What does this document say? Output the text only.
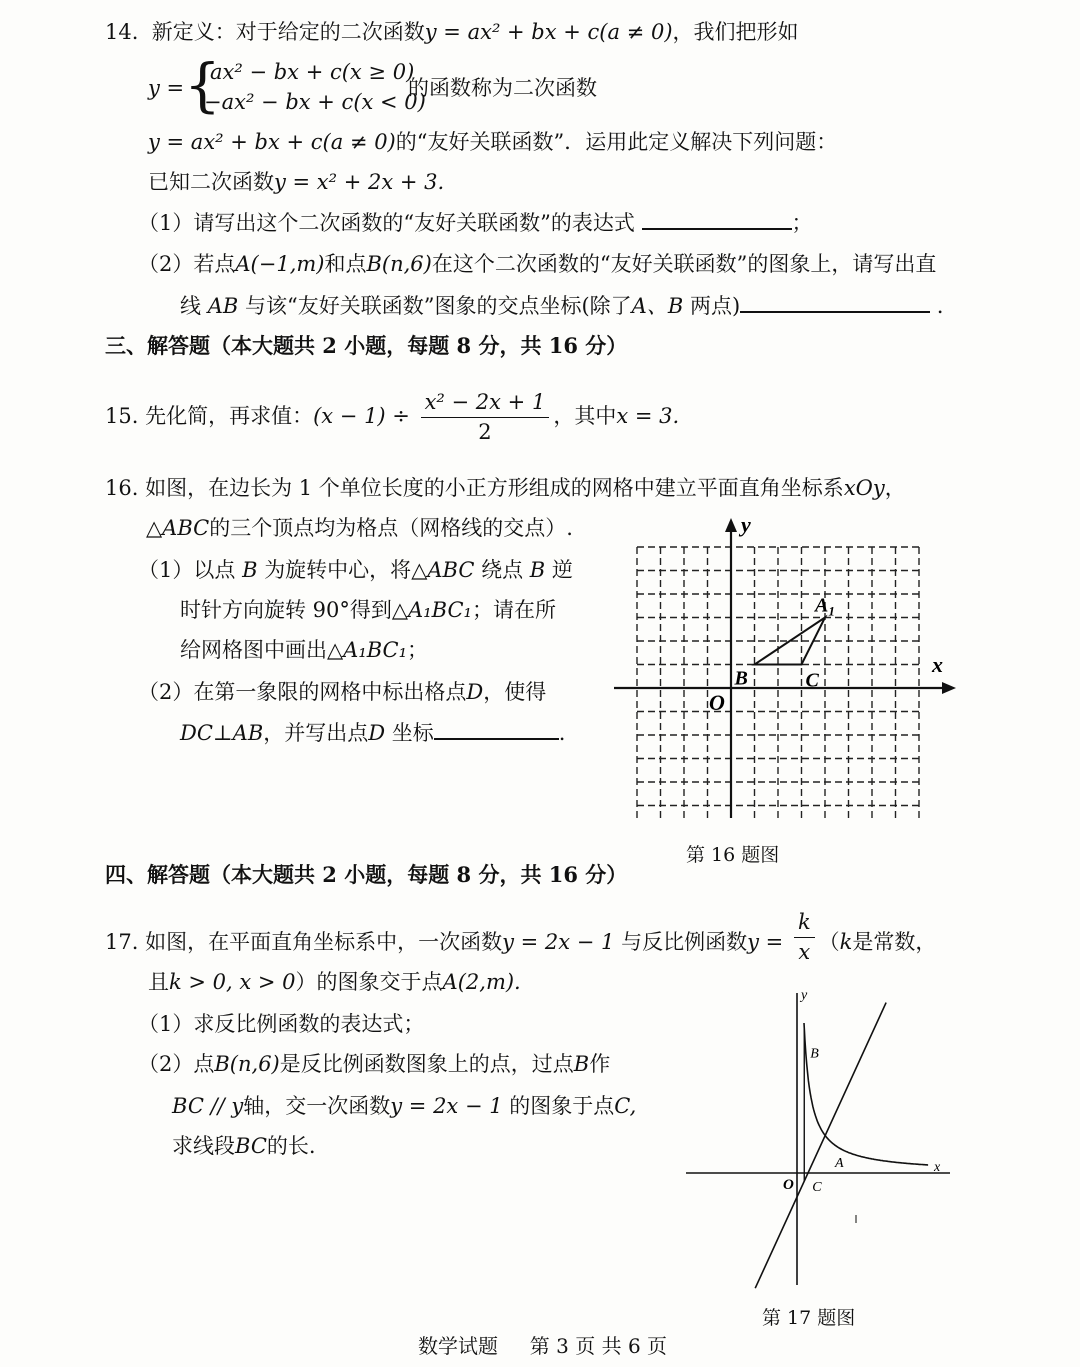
14. 新定义：对于给定的二次函数y = ax² + bx + c(a ≠ 0)，我们把形如
y = {
ax² − bx + c(x ≥ 0)
−ax² − bx + c(x < 0)
的函数称为二次函数
y = ax² + bx + c(a ≠ 0)的“友好关联函数”．运用此定义解决下列问题：
已知二次函数y = x² + 2x + 3.
（1）请写出这个二次函数的“友好关联函数”的表达式	；
（2）若点A(−1,m)和点B(n,6)在这个二次函数的“友好关联函数”的图象上，请写出直
线 AB 与该“友好关联函数”图象的交点坐标(除了A、B 两点)	．
三、解答题（本大题共 2 小题，每题 8 分，共 16 分）
15. 先化简，再求值：$(x - 1) \div \frac{\text{x² − 2x + 1}}{2}$ ，其中x = 3.
16. 如图，在边长为 1 个单位长度的小正方形组成的网格中建立平面直角坐标系xOy，
△ABC的三个顶点均为格点（网格线的交点）.
（1）以点 B 为旋转中心，将△ABC 绕点 B 逆
时针方向旋转 90°得到△A₁BC₁；请在所
给网格图中画出△A₁BC₁；
（2）在第一象限的网格中标出格点D，使得
DC⊥AB，并写出点D 坐标	.
x
y
O
$A_1$
B	C
第 16 题图
四、解答题（本大题共 2 小题，每题 8 分，共 16 分）
17. 如图，在平面直角坐标系中，一次函数y = 2x − 1 与反比例函数$y = \frac{k}{x} (k$是常数，
且k > 0, x > 0）的图象交于点A(2,m).
（1）求反比例函数的表达式；
（2）点B(n,6)是反比例函数图象上的点，过点B作
BC // y轴，交一次函数y = 2x − 1 的图象于点C,
求线段BC的长.
x
y
O
A
B
C
第 17 题图
数学试题 第 3 页 共 6 页
